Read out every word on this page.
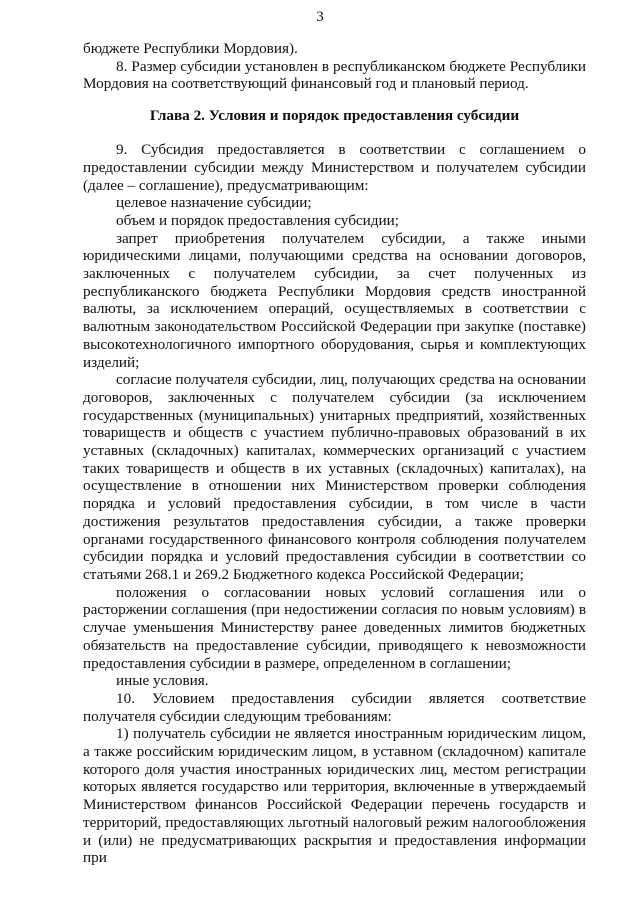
3

бюджете Республики Мордовия).

8. Размер субсидии установлен в республиканском бюджете Республики Мордовия на соответствующий финансовый год и плановый период.

Глава 2. Условия и порядок предоставления субсидии

9. Субсидия предоставляется в соответствии с соглашением о предоставлении субсидии между Министерством и получателем субсидии (далее – соглашение), предусматривающим:

целевое назначение субсидии;

объем и порядок предоставления субсидии;

запрет приобретения получателем субсидии, а также иными юридическими лицами, получающими средства на основании договоров, заключенных с получателем субсидии, за счет полученных из республиканского бюджета Республики Мордовия средств иностранной валюты, за исключением операций, осуществляемых в соответствии с валютным законодательством Российской Федерации при закупке (поставке) высокотехнологичного импортного оборудования, сырья и комплектующих изделий;

согласие получателя субсидии, лиц, получающих средства на основании договоров, заключенных с получателем субсидии (за исключением государственных (муниципальных) унитарных предприятий, хозяйственных товариществ и обществ с участием публично-правовых образований в их уставных (складочных) капиталах, коммерческих организаций с участием таких товариществ и обществ в их уставных (складочных) капиталах), на осуществление в отношении них Министерством проверки соблюдения порядка и условий предоставления субсидии, в том числе в части достижения результатов предоставления субсидии, а также проверки органами государственного финансового контроля соблюдения получателем субсидии порядка и условий предоставления субсидии в соответствии со статьями 268.1 и 269.2 Бюджетного кодекса Российской Федерации;

положения о согласовании новых условий соглашения или о расторжении соглашения (при недостижении согласия по новым условиям) в случае уменьшения Министерству ранее доведенных лимитов бюджетных обязательств на предоставление субсидии, приводящего к невозможности предоставления субсидии в размере, определенном в соглашении;

иные условия.

10. Условием предоставления субсидии является соответствие получателя субсидии следующим требованиям:

1) получатель субсидии не является иностранным юридическим лицом, а также российским юридическим лицом, в уставном (складочном) капитале которого доля участия иностранных юридических лиц, местом регистрации которых является государство или территория, включенные в утверждаемый Министерством финансов Российской Федерации перечень государств и территорий, предоставляющих льготный налоговый режим налогообложения и (или) не предусматривающих раскрытия и предоставления информации при
